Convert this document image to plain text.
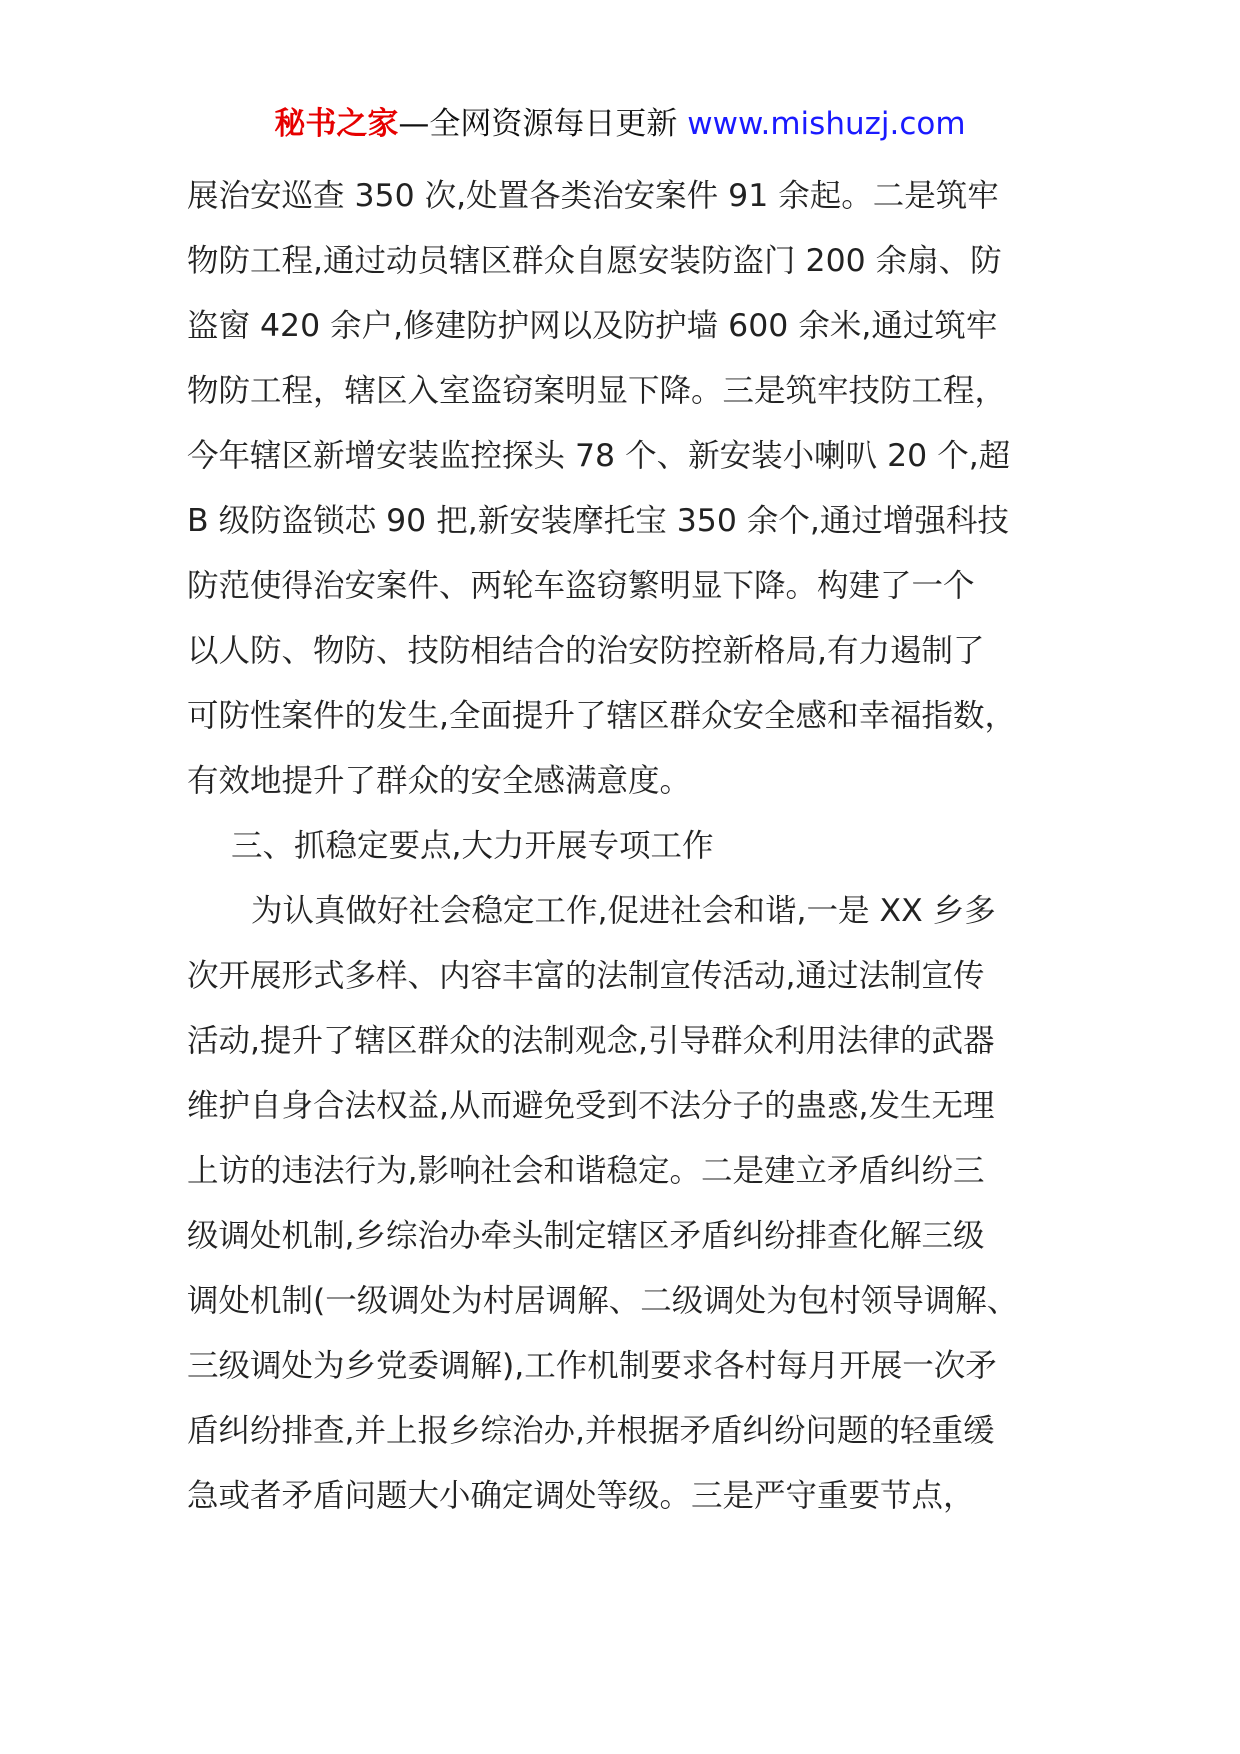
秘书之家—全网资源每日更新 www.mishuzj.com
展治安巡查 350 次,处置各类治安案件 91 余起。二是筑牢
物防工程,通过动员辖区群众自愿安装防盗门 200 余扇、防
盗窗 420 余户,修建防护网以及防护墙 600 余米,通过筑牢
物防工程，辖区入室盗窃案明显下降。三是筑牢技防工程，
今年辖区新增安装监控探头 78 个、新安装小喇叭 20 个,超
B 级防盗锁芯 90 把,新安装摩托宝 350 余个,通过增强科技
防范使得治安案件、两轮车盗窃繁明显下降。构建了一个
以人防、物防、技防相结合的治安防控新格局,有力遏制了
可防性案件的发生,全面提升了辖区群众安全感和幸福指数，
有效地提升了群众的安全感满意度。
三、抓稳定要点,大力开展专项工作
为认真做好社会稳定工作,促进社会和谐,一是 XX 乡多
次开展形式多样、内容丰富的法制宣传活动,通过法制宣传
活动,提升了辖区群众的法制观念,引导群众利用法律的武器
维护自身合法权益,从而避免受到不法分子的蛊惑,发生无理
上访的违法行为,影响社会和谐稳定。二是建立矛盾纠纷三
级调处机制,乡综治办牵头制定辖区矛盾纠纷排查化解三级
调处机制(一级调处为村居调解、二级调处为包村领导调解、
三级调处为乡党委调解),工作机制要求各村每月开展一次矛
盾纠纷排查,并上报乡综治办,并根据矛盾纠纷问题的轻重缓
急或者矛盾问题大小确定调处等级。三是严守重要节点，
